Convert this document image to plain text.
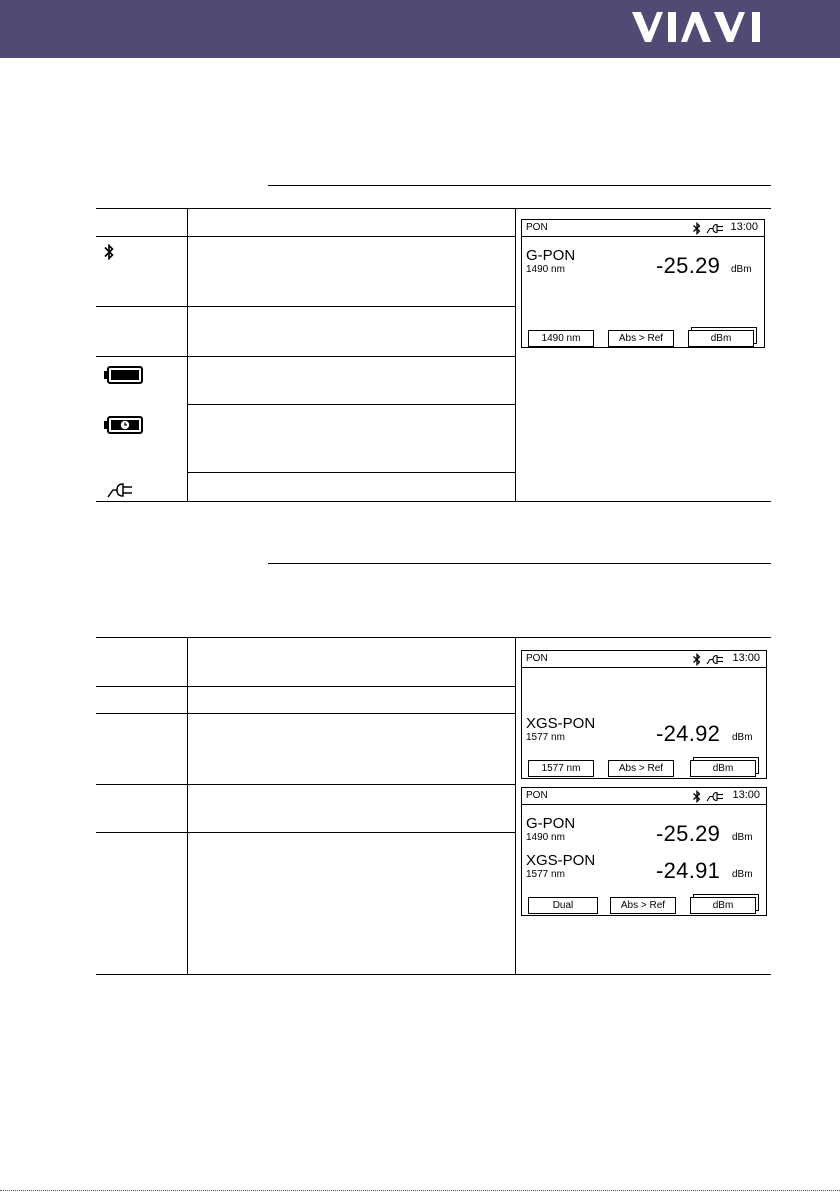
PON	13:00
G-PON
1490 nm	-25.29 dBm
1490 nm	Abs > Ref	dBm
PON	13:00
XGS-PON
1577 nm	-24.92 dBm
1577 nm	Abs > Ref	dBm
PON	13:00
G-PON
1490 nm	-25.29 dBm
XGS-PON
1577 nm	-24.91 dBm
Dual	Abs > Ref	dBm
